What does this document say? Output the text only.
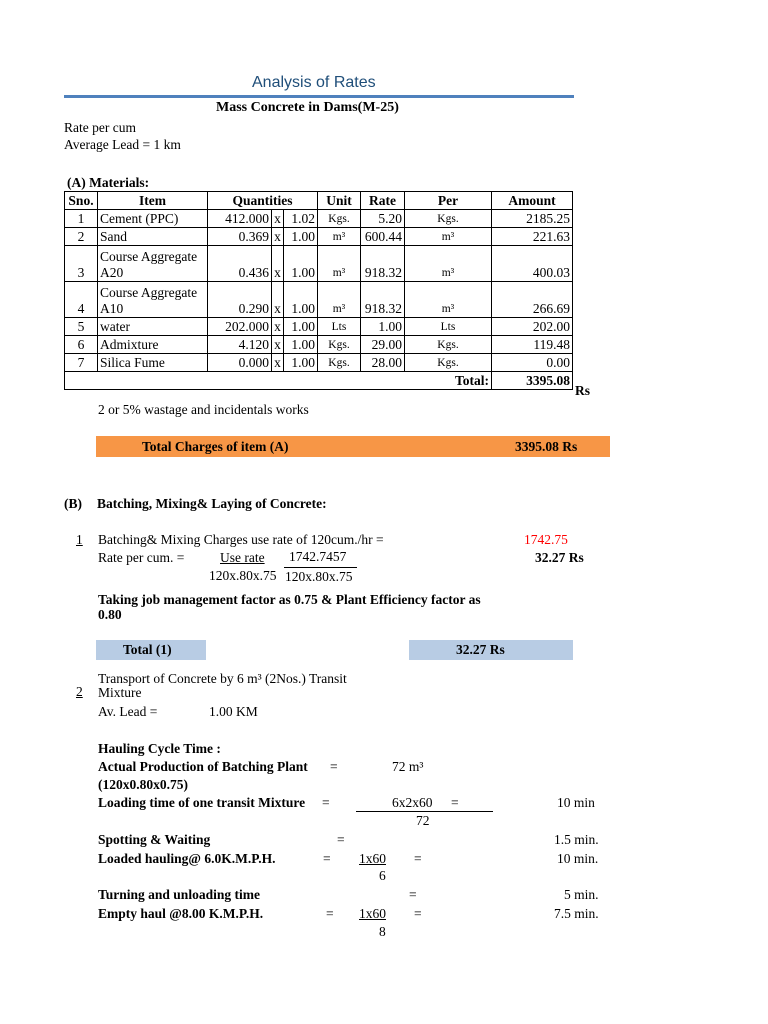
Analysis of Rates
Mass Concrete in Dams(M-25)
Rate per cum
Average Lead = 1 km
(A) Materials:
Sno.	Item	Quantities			Unit	Rate	Per	Amount
1	Cement (PPC)	412.000	x	1.02	Kgs.	5.20	Kgs.	2185.25
2	Sand	0.369	x	1.00	m³	600.44	m³	221.63
3	Course Aggregate
A20	0.436	x	1.00	m³	918.32	m³	400.03
4	Course Aggregate
A10	0.290	x	1.00	m³	918.32	m³	266.69
5	water	202.000	x	1.00	Lts	1.00	Lts	202.00
6	Admixture	4.120	x	1.00	Kgs.	29.00	Kgs.	119.48
7	Silica Fume	0.000	x	1.00	Kgs.	28.00	Kgs.	0.00
Total:								3395.08
Rs
2 or 5% wastage and incidentals works
Total Charges of item (A)	3395.08 Rs
(B) Batching, Mixing& Laying of Concrete:
1 Batching& Mixing Charges use rate of 120cum./hr =	1742.75
Rate per cum. =	Use rate 1742.7457
120x.80x.75 120x.80x.75
32.27 Rs
Taking job management factor as 0.75 & Plant Efficiency factor as
0.80
Total (1)	32.27 Rs
Transport of Concrete by 6 m³ (2Nos.) Transit
2 Mixture
Av. Lead =	1.00 KM
Hauling Cycle Time :
Actual Production of Batching Plant =	72 m³
(120x0.80x0.75)
Loading time of one transit Mixture =	6x2x60 =
72
10 min
Spotting & Waiting	=	1.5 min.
Loaded hauling@ 6.0K.M.P.H.	= 1x60 =
6
10 min.
Turning and unloading time	=	5 min.
Empty haul @8.00 K.M.P.H.	= 1x60 =
8
7.5 min.
